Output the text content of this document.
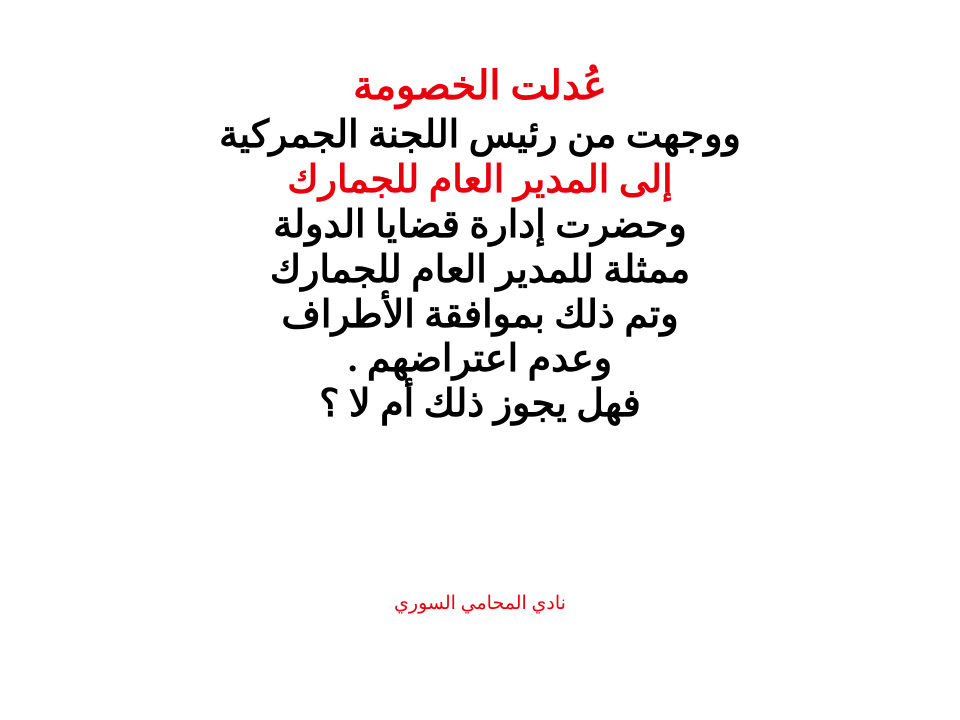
عُدلت الخصومة

ووجهت من رئيس اللجنة الجمركية

إلى المدير العام للجمارك

وحضرت إدارة قضايا الدولة

ممثلة للمدير العام للجمارك

وتم ذلك بموافقة الأطراف

وعدم اعتراضهم .

فهل يجوز ذلك أم لا ؟

نادي المحامي السوري
